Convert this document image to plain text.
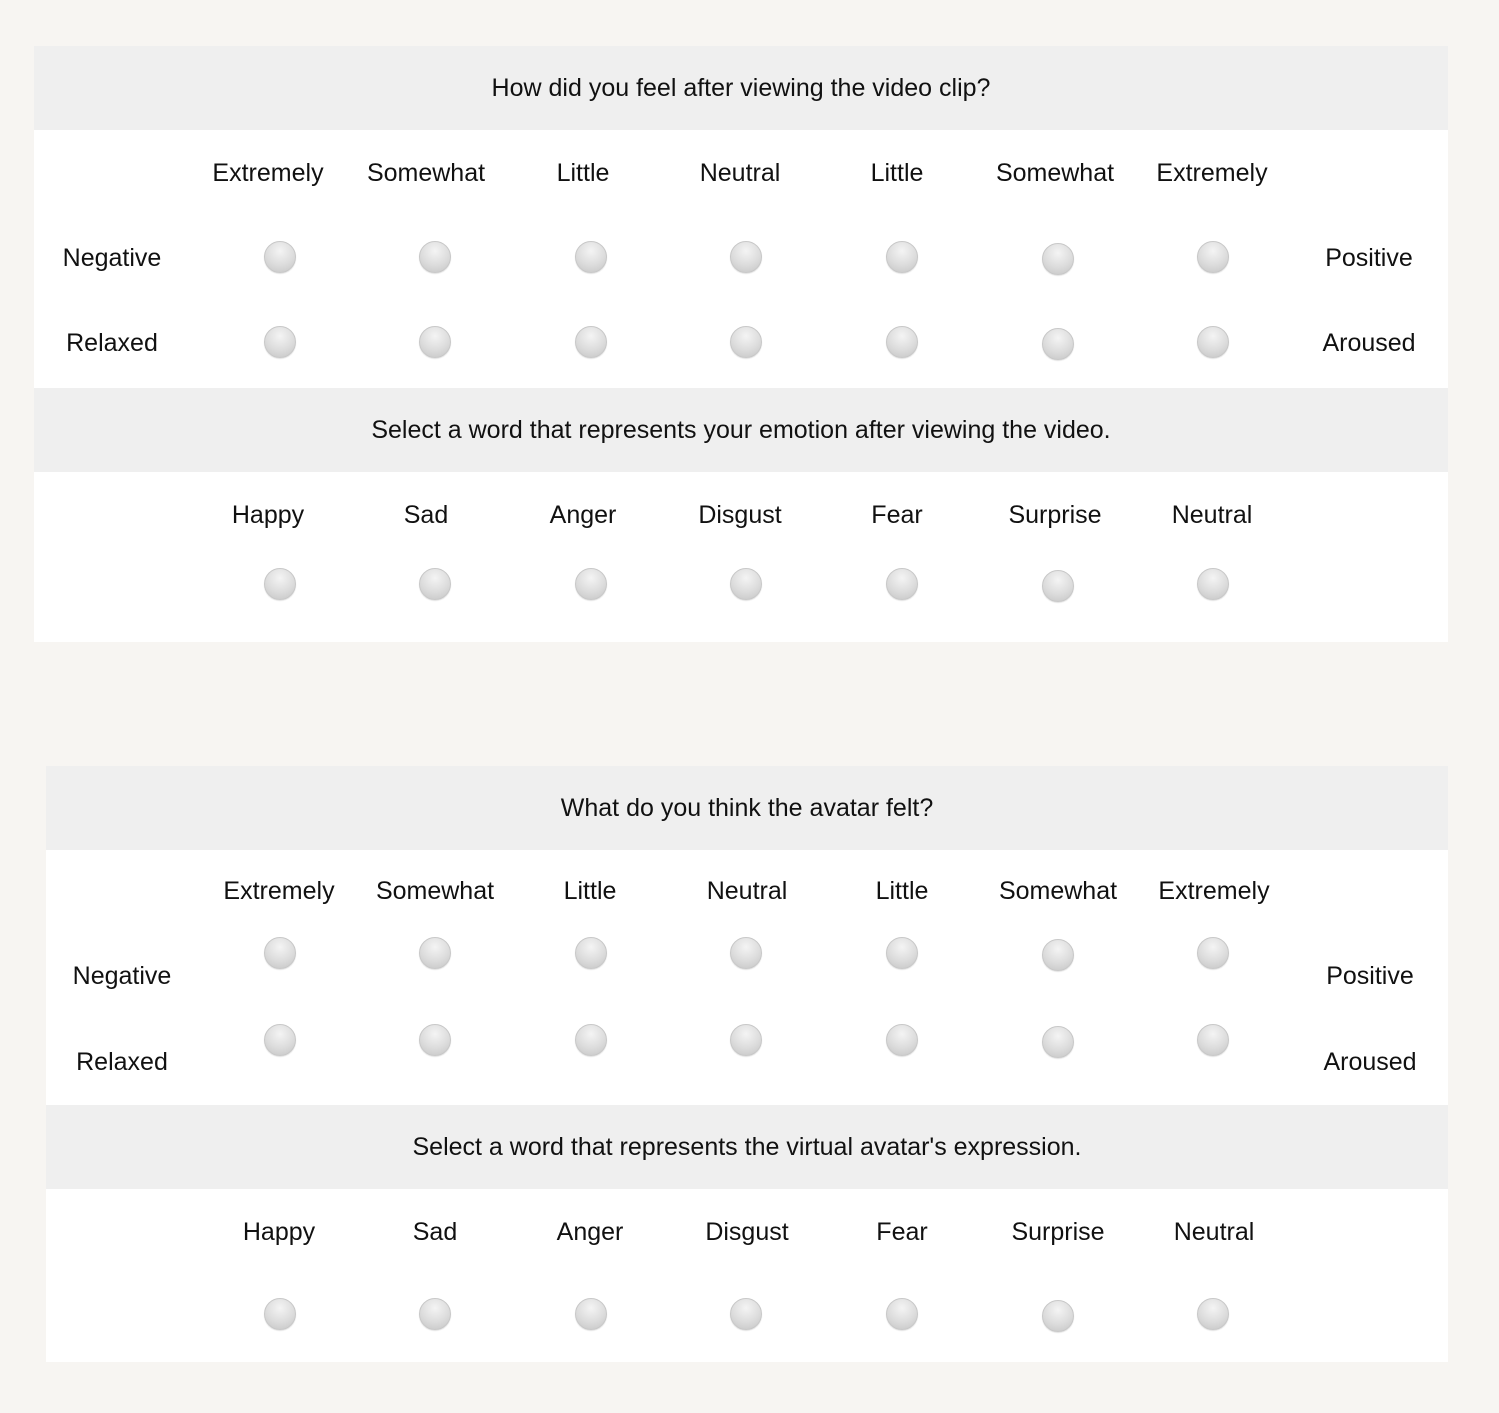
How did you feel after viewing the video clip?
Extremely Somewhat	Little	Neutral	Little	Somewhat Extremely
Negative	Positive
Relaxed	Aroused
Select a word that represents your emotion after viewing the video.
Happy	Sad	Anger	Disgust	Fear	Surprise	Neutral
What do you think the avatar felt?
Extremely Somewhat	Little	Neutral	Little	Somewhat Extremely
Negative	Positive
Relaxed	Aroused
Select a word that represents the virtual avatar's expression.
Happy	Sad	Anger	Disgust	Fear	Surprise	Neutral
